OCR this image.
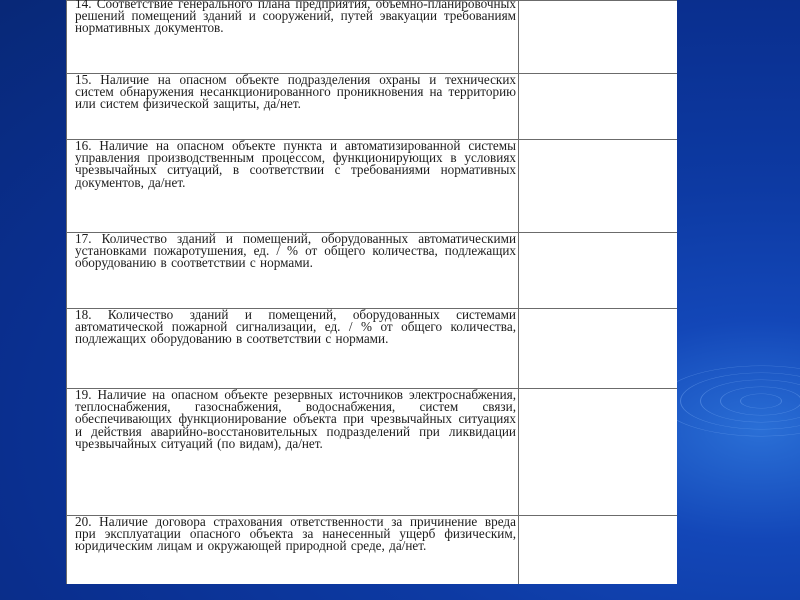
14. Соответствие генерального плана предприятия, объемно-планировочных решений помещений зданий и сооружений, путей эвакуации требованиям нормативных документов.	

15. Наличие на опасном объекте подразделения охраны и технических систем обнаружения несанкционированного проникновения на территорию или систем физической защиты, да/нет.	

16. Наличие на опасном объекте пункта и автоматизированной системы управления производственным процессом, функционирующих в условиях чрезвычайных ситуаций, в соответствии с требованиями нормативных документов, да/нет.	

17. Количество зданий и помещений, оборудованных автоматическими установками пожаротушения, ед. / % от общего количества, подлежащих оборудованию в соответствии с нормами.	

18. Количество зданий и помещений, оборудованных системами автоматической пожарной сигнализации, ед. / % от общего количества, подлежащих оборудованию в соответствии с нормами.	

19. Наличие на опасном объекте резервных источников электроснабжения, теплоснабжения, газоснабжения, водоснабжения, систем связи, обеспечивающих функционирование объекта при чрезвычайных ситуациях и действия аварийно-восстановительных подразделений при ликвидации чрезвычайных ситуаций (по видам), да/нет.	

20. Наличие договора страхования ответственности за причинение вреда при эксплуатации опасного объекта за нанесенный ущерб физическим, юридическим лицам и окружающей природной среде, да/нет.	
